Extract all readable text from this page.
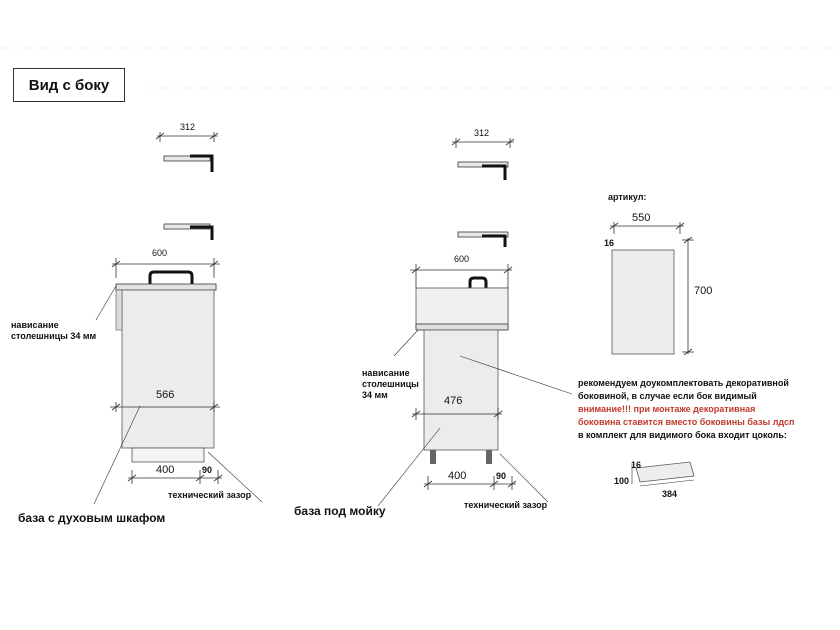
Вид с боку
312
600
566
400	90
нависание
столешницы 34 мм
технический зазор
база с духовым шкафом
312
600
476
400	90
нависание
столешницы
34 мм
технический зазор
база под мойку
артикул:
550
16
700
рекомендуем доукомплектовать декоративной
боковиной, в случае если бок видимый
внимание!!! при монтаже декоративная
боковина ставится вместо боковины базы лдсп
в комплект для видимого бока входит цоколь:
16
100
384
